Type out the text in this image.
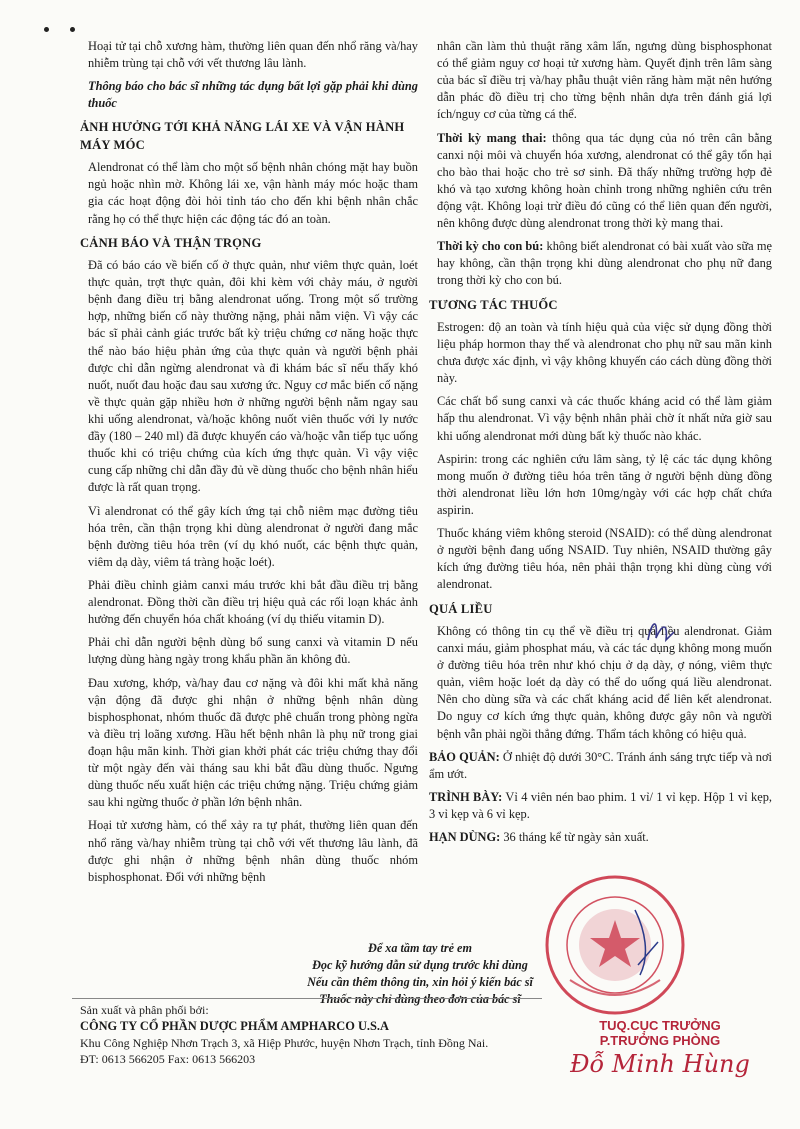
Hoại tử tại chỗ xương hàm, thường liên quan đến nhổ răng và/hay nhiễm trùng tại chỗ với vết thương lâu lành.

Thông báo cho bác sĩ những tác dụng bất lợi gặp phải khi dùng thuốc

ẢNH HƯỞNG TỚI KHẢ NĂNG LÁI XE VÀ VẬN HÀNH MÁY MÓC

Alendronat có thể làm cho một số bệnh nhân chóng mặt hay buồn ngủ hoặc nhìn mờ. Không lái xe, vận hành máy móc hoặc tham gia các hoạt động đòi hỏi tỉnh táo cho đến khi bệnh nhân chắc rằng họ có thể thực hiện các động tác đó an toàn.

CẢNH BÁO VÀ THẬN TRỌNG

Đã có báo cáo về biến cố ở thực quản, như viêm thực quản, loét thực quản, trợt thực quản, đôi khi kèm với chảy máu, ở người bệnh đang điều trị bằng alendronat uống. Trong một số trường hợp, những biến cố này thường nặng, phải nằm viện. Vì vậy các bác sĩ phải cảnh giác trước bất kỳ triệu chứng cơ năng hoặc thực thể nào báo hiệu phản ứng của thực quản và người bệnh phải được chỉ dẫn ngừng alendronat và đi khám bác sĩ nếu thấy khó nuốt, nuốt đau hoặc đau sau xương ức. Nguy cơ mắc biến cố nặng về thực quản gặp nhiều hơn ở những người bệnh nằm ngay sau khi uống alendronat, và/hoặc không nuốt viên thuốc với ly nước đầy (180 – 240 ml) đã được khuyến cáo và/hoặc vẫn tiếp tục uống thuốc khi có triệu chứng của kích ứng thực quản. Vì vậy việc cung cấp những chỉ dẫn đầy đủ về dùng thuốc cho bệnh nhân hiểu được là rất quan trọng.

Vì alendronat có thể gây kích ứng tại chỗ niêm mạc đường tiêu hóa trên, cần thận trọng khi dùng alendronat ở người đang mắc bệnh đường tiêu hóa trên (ví dụ khó nuốt, các bệnh thực quản, viêm dạ dày, viêm tá tràng hoặc loét).

Phải điều chỉnh giảm canxi máu trước khi bắt đầu điều trị bằng alendronat. Đồng thời cần điều trị hiệu quả các rối loạn khác ảnh hưởng đến chuyển hóa chất khoáng (ví dụ thiếu vitamin D).

Phải chỉ dẫn người bệnh dùng bổ sung canxi và vitamin D nếu lượng dùng hàng ngày trong khẩu phần ăn không đủ.

Đau xương, khớp, và/hay đau cơ nặng và đôi khi mất khả năng vận động đã được ghi nhận ở những bệnh nhân dùng bisphosphonat, nhóm thuốc đã được phê chuẩn trong phòng ngừa và điều trị loãng xương. Hầu hết bệnh nhân là phụ nữ trong giai đoạn hậu mãn kinh. Thời gian khởi phát các triệu chứng thay đổi từ một ngày đến vài tháng sau khi bắt đầu dùng thuốc. Ngưng dùng thuốc nếu xuất hiện các triệu chứng nặng. Triệu chứng giảm sau khi ngừng thuốc ở phần lớn bệnh nhân.

Hoại tử xương hàm, có thể xảy ra tự phát, thường liên quan đến nhổ răng và/hay nhiễm trùng tại chỗ với vết thương lâu lành, đã được ghi nhận ở những bệnh nhân dùng thuốc nhóm bisphosphonat. Đối với những bệnh

nhân cần làm thủ thuật răng xâm lấn, ngưng dùng bisphosphonat có thể giảm nguy cơ hoại tử xương hàm. Quyết định trên lâm sàng của bác sĩ điều trị và/hay phẫu thuật viên răng hàm mặt nên hướng dẫn phác đồ điều trị cho từng bệnh nhân dựa trên đánh giá lợi ích/nguy cơ của từng cá thể.

Thời kỳ mang thai: thông qua tác dụng của nó trên cân bằng canxi nội môi và chuyển hóa xương, alendronat có thể gây tổn hại cho bào thai hoặc cho trẻ sơ sinh. Đã thấy những trường hợp đẻ khó và tạo xương không hoàn chỉnh trong những nghiên cứu trên động vật. Không loại trừ điều đó cũng có thể liên quan đến người, nên không được dùng alendronat trong thời kỳ mang thai.

Thời kỳ cho con bú: không biết alendronat có bài xuất vào sữa mẹ hay không, cần thận trọng khi dùng alendronat cho phụ nữ đang trong thời kỳ cho con bú.

TƯƠNG TÁC THUỐC

Estrogen: độ an toàn và tính hiệu quả của việc sử dụng đồng thời liệu pháp hormon thay thế và alendronat cho phụ nữ sau mãn kinh chưa được xác định, vì vậy không khuyến cáo cách dùng đồng thời này.

Các chất bổ sung canxi và các thuốc kháng acid có thể làm giảm hấp thu alendronat. Vì vậy bệnh nhân phải chờ ít nhất nửa giờ sau khi uống alendronat mới dùng bất kỳ thuốc nào khác.

Aspirin: trong các nghiên cứu lâm sàng, tỷ lệ các tác dụng không mong muốn ở đường tiêu hóa trên tăng ở người bệnh dùng đồng thời alendronat liều lớn hơn 10mg/ngày với các hợp chất chứa aspirin.

Thuốc kháng viêm không steroid (NSAID): có thể dùng alendronat ở người bệnh đang uống NSAID. Tuy nhiên, NSAID thường gây kích ứng đường tiêu hóa, nên phải thận trọng khi dùng cùng với alendronat.

QUÁ LIỀU

Không có thông tin cụ thể về điều trị quá liều alendronat. Giảm canxi máu, giảm phosphat máu, và các tác dụng không mong muốn ở đường tiêu hóa trên như khó chịu ở dạ dày, ợ nóng, viêm thực quản, viêm hoặc loét dạ dày có thể do uống quá liều alendronat. Nên cho dùng sữa và các chất kháng acid để liên kết alendronat. Do nguy cơ kích ứng thực quản, không được gây nôn và người bệnh vẫn phải ngồi thẳng đứng. Thẩm tách không có hiệu quả.

BẢO QUẢN: Ở nhiệt độ dưới 30°C. Tránh ánh sáng trực tiếp và nơi ẩm ướt.

TRÌNH BÀY: Vỉ 4 viên nén bao phim. 1 vỉ/ 1 vỉ kẹp. Hộp 1 vỉ kẹp, 3 vỉ kẹp và 6 vỉ kẹp.

HẠN DÙNG: 36 tháng kể từ ngày sản xuất.

Để xa tầm tay trẻ em
Đọc kỹ hướng dẫn sử dụng trước khi dùng
Nếu cần thêm thông tin, xin hỏi ý kiến bác sĩ
Thuốc này chỉ dùng theo đơn của bác sĩ
Sản xuất và phân phối bởi:
CÔNG TY CỔ PHẦN DƯỢC PHẨM AMPHARCO U.S.A
Khu Công Nghiệp Nhơn Trạch 3, xã Hiệp Phước, huyện Nhơn Trạch, tỉnh Đồng Nai.
ĐT: 0613 566205 Fax: 0613 566203
TUQ.CỤC TRƯỞNG
P.TRƯỞNG PHÒNG
Đỗ Minh Hùng
